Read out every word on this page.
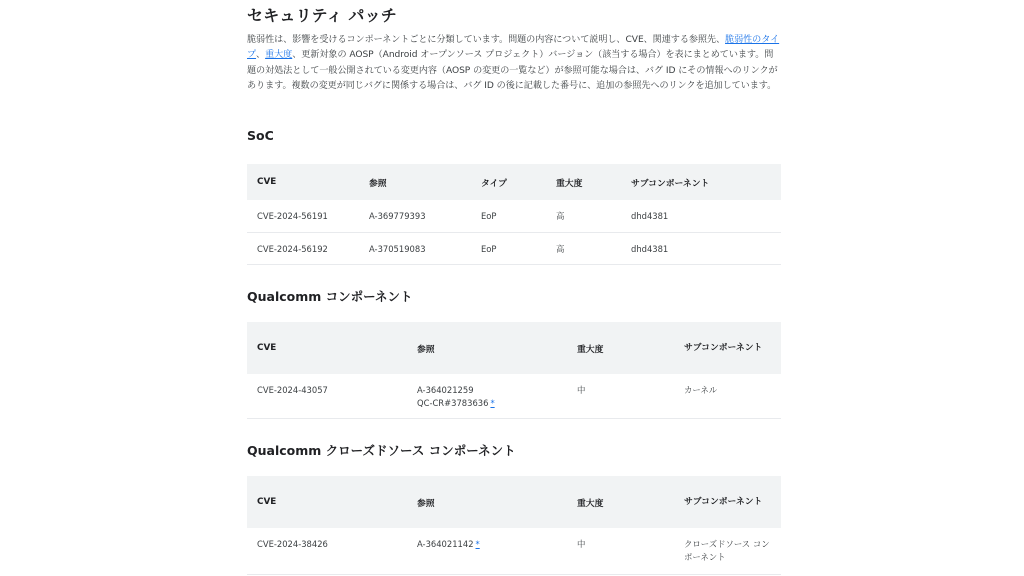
セキュリティ パッチ

脆弱性は、影響を受けるコンポーネントごとに分類しています。問題の内容について説明し、CVE、関連する参照先、脆弱性のタイプ、重大度、更新対象の AOSP（Android オープンソース プロジェクト）バージョン（該当する場合）を表にまとめています。問題の対処法として一般公開されている変更内容（AOSP の変更の一覧など）が参照可能な場合は、バグ ID にその情報へのリンクがあります。複数の変更が同じバグに関係する場合は、バグ ID の後に記載した番号に、追加の参照先へのリンクを追加しています。

SoC
CVE	参照	タイプ	重大度	サブコンポーネント

CVE-2024-56191	A-369779393	EoP	高	dhd4381

CVE-2024-56192	A-370519083	EoP	高	dhd4381
Qualcomm コンポーネント
CVE	参照	重大度	サブコンポーネント

CVE-2024-43057	A-364021259
QC-CR#3783636 *	中	カーネル
Qualcomm クローズドソース コンポーネント
CVE	参照	重大度	サブコンポーネント

CVE-2024-38426	A-364021142 *	中	クローズドソース コンポーネント
